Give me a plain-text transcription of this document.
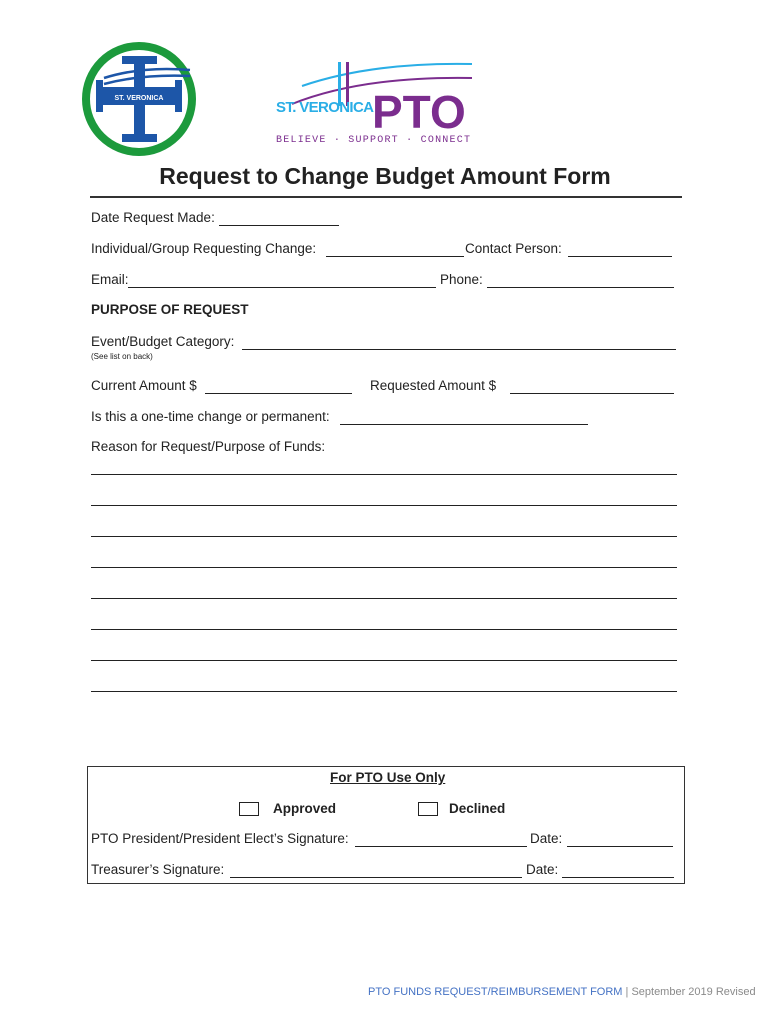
ST. VERONICA	PTO
ST. VERONICA
BELIEVE · SUPPORT · CONNECT
Request to Change Budget Amount Form
Date Request Made:
Individual/Group Requesting Change:	Contact Person:
Email:	Phone:
PURPOSE OF REQUEST
Event/Budget Category:
(See list on back)
Current Amount $	Requested Amount $
Is this a one-time change or permanent:
Reason for Request/Purpose of Funds:
For PTO Use Only
Approved	Declined
PTO President/President Elect’s Signature:	Date:
Treasurer’s Signature:	Date:
PTO FUNDS REQUEST/REIMBURSEMENT FORM | September 2019 Revised
